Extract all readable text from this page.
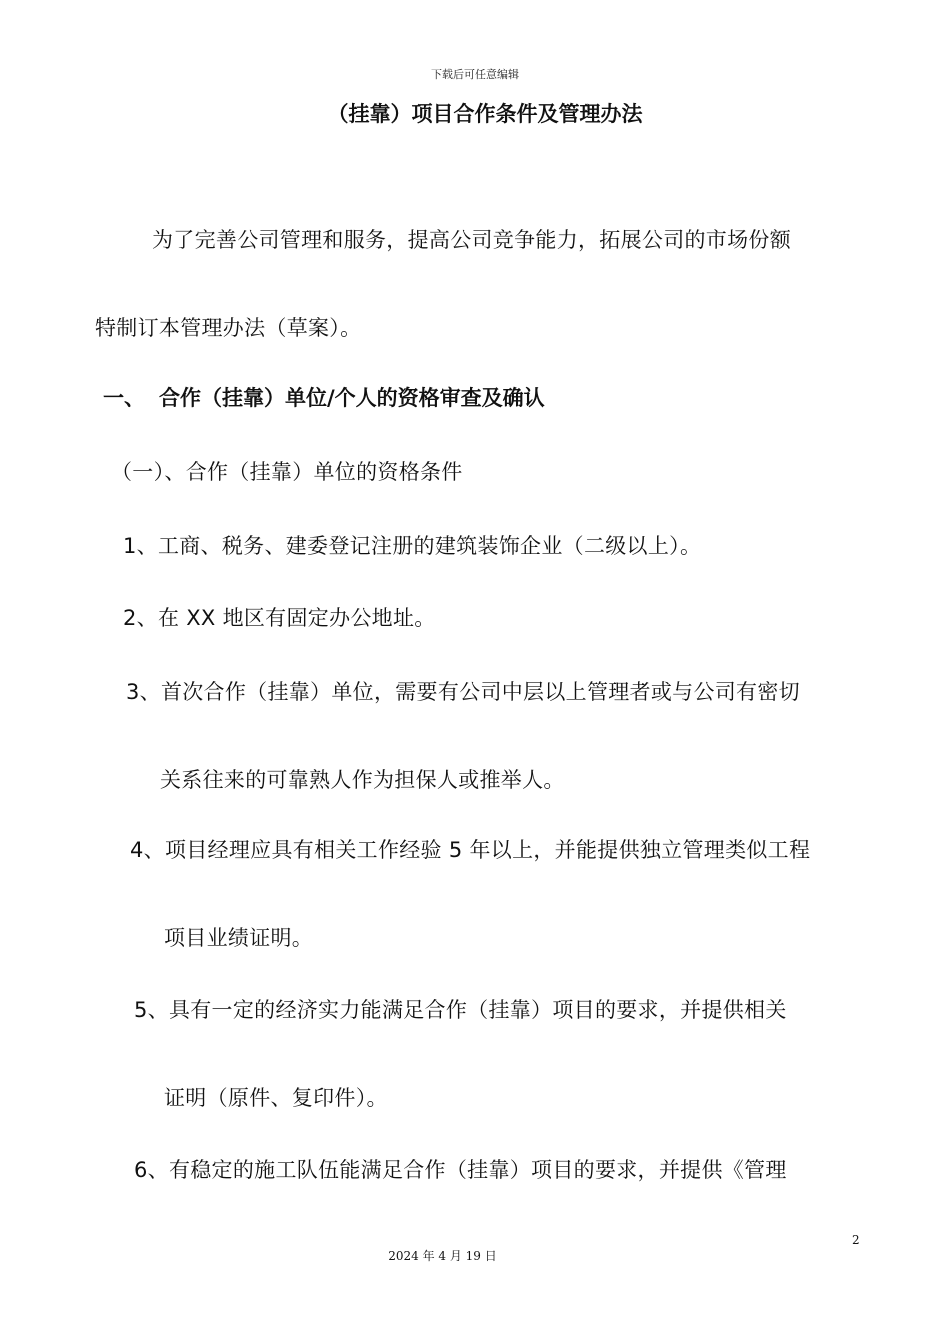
下载后可任意编辑
（挂靠）项目合作条件及管理办法
为了完善公司管理和服务，提高公司竞争能力，拓展公司的市场份额
特制订本管理办法（草案）。
一、 合作（挂靠）单位/个人的资格审查及确认
（一）、合作（挂靠）单位的资格条件
1、工商、税务、建委登记注册的建筑装饰企业（二级以上）。
2、在 XX 地区有固定办公地址。
3、首次合作（挂靠）单位，需要有公司中层以上管理者或与公司有密切
关系往来的可靠熟人作为担保人或推举人。
4、项目经理应具有相关工作经验 5 年以上，并能提供独立管理类似工程
项目业绩证明。
5、具有一定的经济实力能满足合作（挂靠）项目的要求，并提供相关
证明（原件、复印件）。
6、有稳定的施工队伍能满足合作（挂靠）项目的要求，并提供《管理
2
2024 年 4 月 19 日
